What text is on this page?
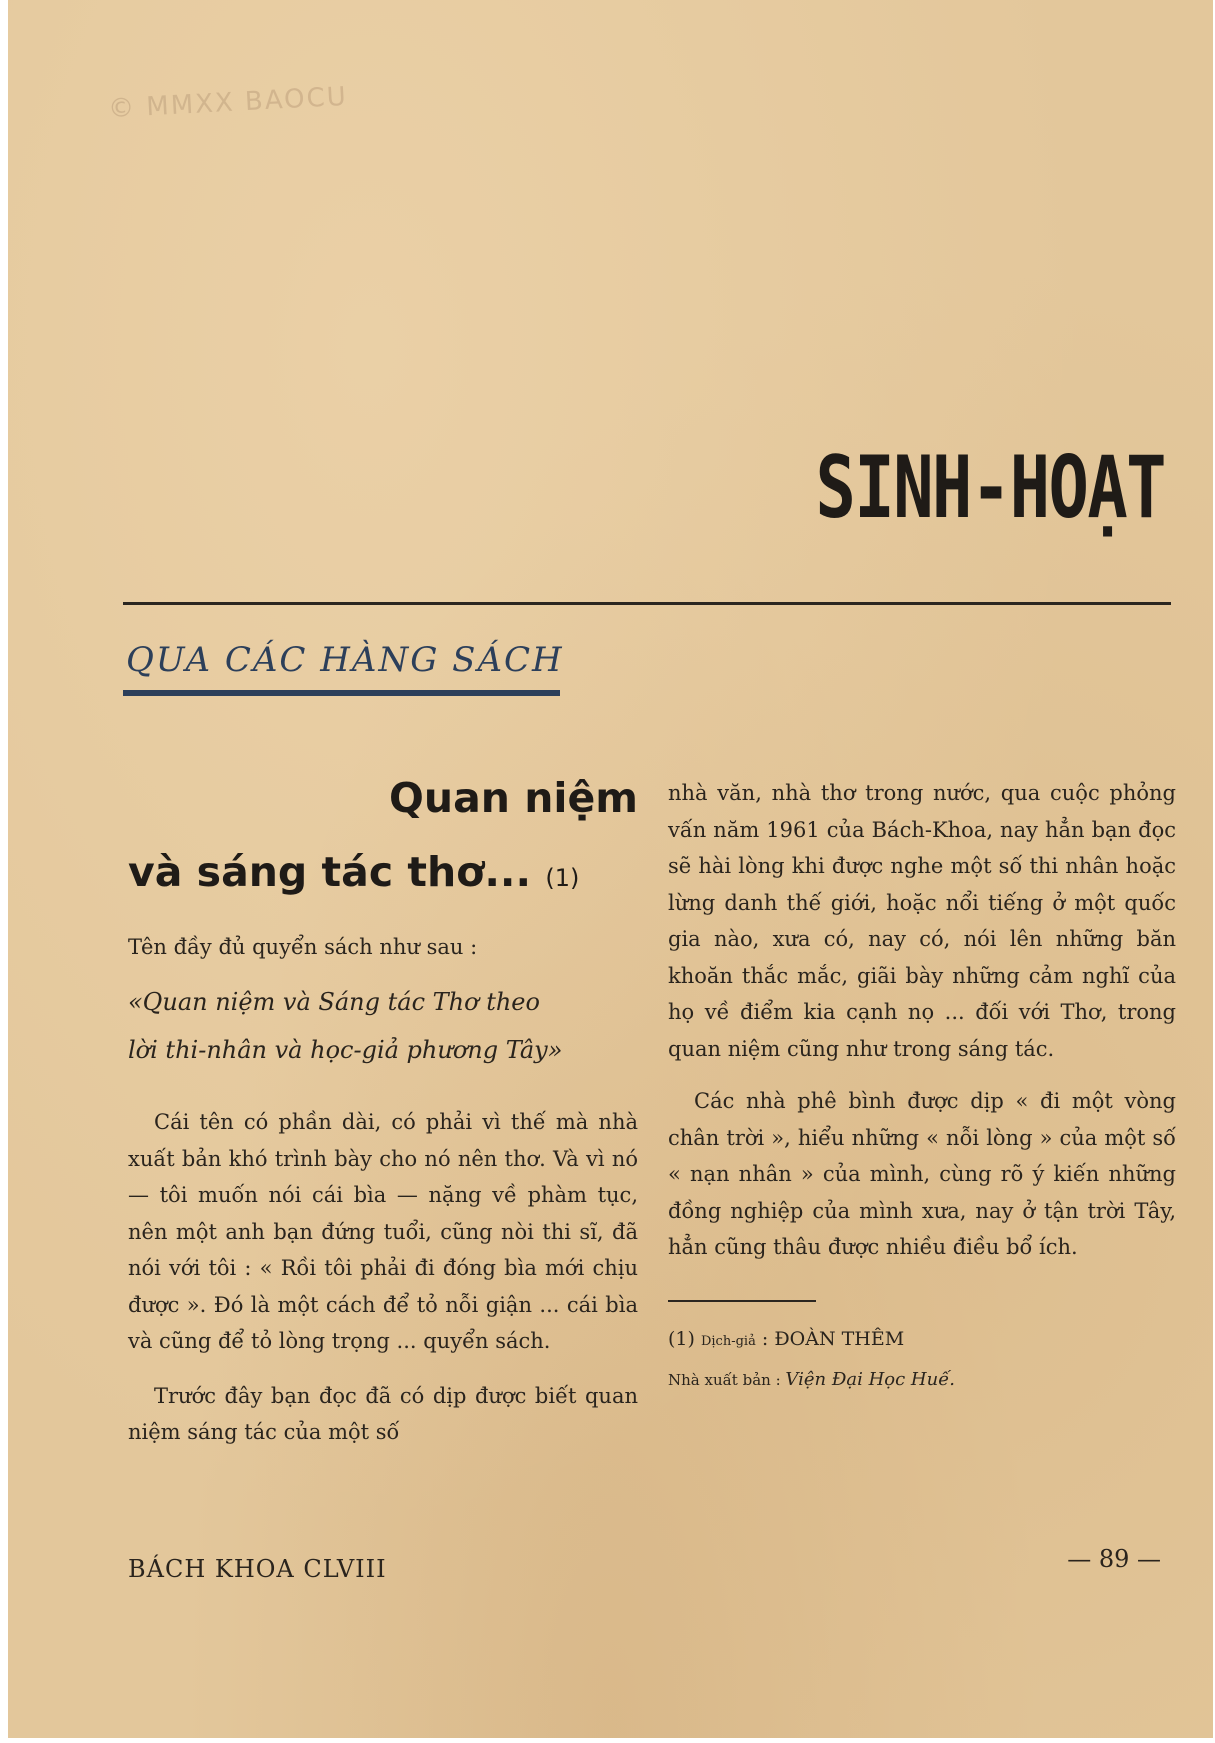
© MMXX BAOCU
SINH-HOẠT
QUA CÁC HÀNG SÁCH
Quan niệm
và sáng tác thơ... (1)
Tên đầy đủ quyển sách như sau :
«Quan niệm và Sáng tác Thơ theo
lời thi-nhân và học-giả phương Tây»

Cái tên có phần dài, có phải vì thế mà nhà xuất bản khó trình bày cho nó nên thơ. Và vì nó — tôi muốn nói cái bìa — nặng về phàm tục, nên một anh bạn đứng tuổi, cũng nòi thi sĩ, đã nói với tôi : « Rồi tôi phải đi đóng bìa mới chịu được ». Đó là một cách để tỏ nỗi giận ... cái bìa và cũng để tỏ lòng trọng ... quyển sách.

Trước đây bạn đọc đã có dịp được biết quan niệm sáng tác của một số

nhà văn, nhà thơ trong nước, qua cuộc phỏng vấn năm 1961 của Bách-Khoa, nay hẳn bạn đọc sẽ hài lòng khi được nghe một số thi nhân hoặc lừng danh thế giới, hoặc nổi tiếng ở một quốc gia nào, xưa có, nay có, nói lên những băn khoăn thắc mắc, giãi bày những cảm nghĩ của họ về điểm kia cạnh nọ ... đối với Thơ, trong quan niệm cũng như trong sáng tác.

Các nhà phê bình được dịp « đi một vòng chân trời », hiểu những « nỗi lòng » của một số « nạn nhân » của mình, cùng rõ ý kiến những đồng nghiệp của mình xưa, nay ở tận trời Tây, hẳn cũng thâu được nhiều điều bổ ích.

(1) Dịch-giả : ĐOÀN THÊM
Nhà xuất bản : Viện Đại Học Huế.
BÁCH KHOA CLVIII	— 89 —
